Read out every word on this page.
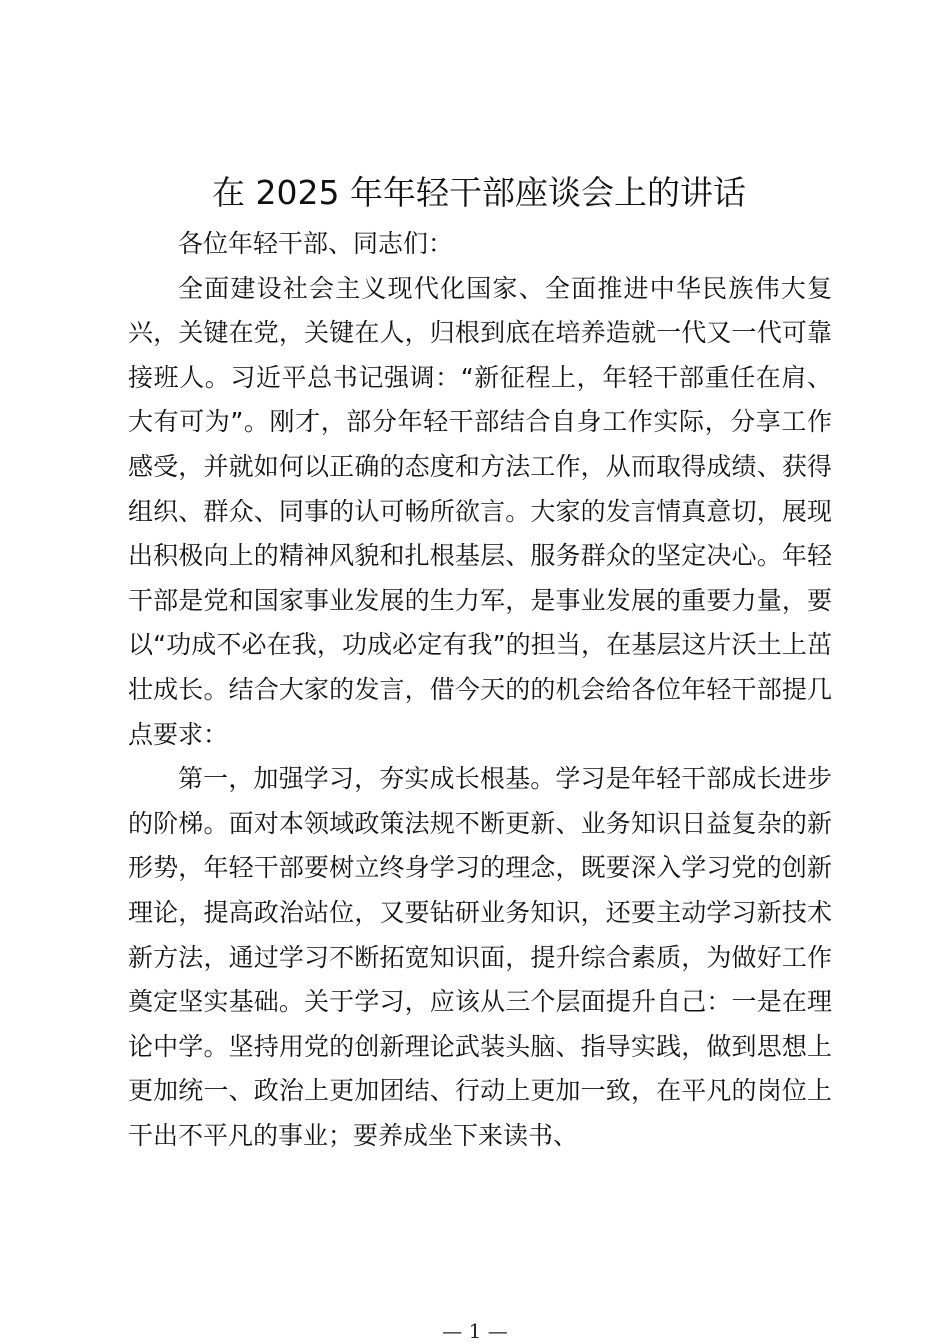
在 2025 年年轻干部座谈会上的讲话

各位年轻干部、同志们：

全面建设社会主义现代化国家、全面推进中华民族伟大复兴，关键在党，关键在人，归根到底在培养造就一代又一代可靠接班人。习近平总书记强调：“新征程上，年轻干部重任在肩、大有可为”。刚才，部分年轻干部结合自身工作实际，分享工作感受，并就如何以正确的态度和方法工作，从而取得成绩、获得组织、群众、同事的认可畅所欲言。大家的发言情真意切，展现出积极向上的精神风貌和扎根基层、服务群众的坚定决心。年轻干部是党和国家事业发展的生力军，是事业发展的重要力量，要以“功成不必在我，功成必定有我”的担当，在基层这片沃土上茁壮成长。结合大家的发言，借今天的的机会给各位年轻干部提几点要求：

第一，加强学习，夯实成长根基。学习是年轻干部成长进步的阶梯。面对本领域政策法规不断更新、业务知识日益复杂的新形势，年轻干部要树立终身学习的理念，既要深入学习党的创新理论，提高政治站位，又要钻研业务知识，还要主动学习新技术新方法，通过学习不断拓宽知识面，提升综合素质，为做好工作奠定坚实基础。关于学习，应该从三个层面提升自己：一是在理论中学。坚持用党的创新理论武装头脑、指导实践，做到思想上更加统一、政治上更加团结、行动上更加一致，在平凡的岗位上干出不平凡的事业；要养成坐下来读书、

— 1 —
